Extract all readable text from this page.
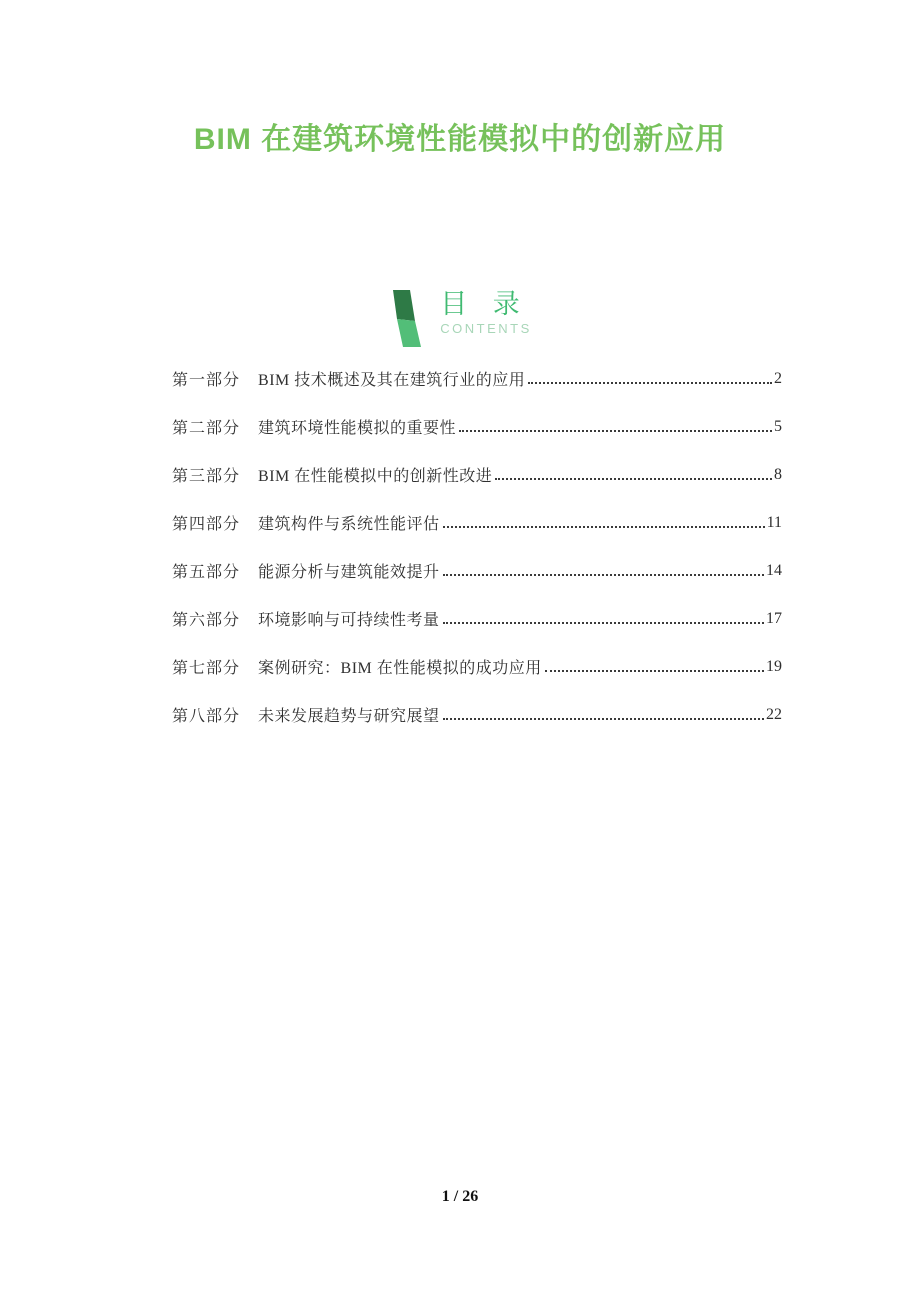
BIM 在建筑环境性能模拟中的创新应用
目 录
CONTENTS
第一部分 BIM 技术概述及其在建筑行业的应用	2
第二部分 建筑环境性能模拟的重要性	5
第三部分 BIM 在性能模拟中的创新性改进	8
第四部分 建筑构件与系统性能评估	11
第五部分 能源分析与建筑能效提升	14
第六部分 环境影响与可持续性考量	17
第七部分 案例研究：BIM 在性能模拟的成功应用	19
第八部分 未来发展趋势与研究展望	22
1 / 26
